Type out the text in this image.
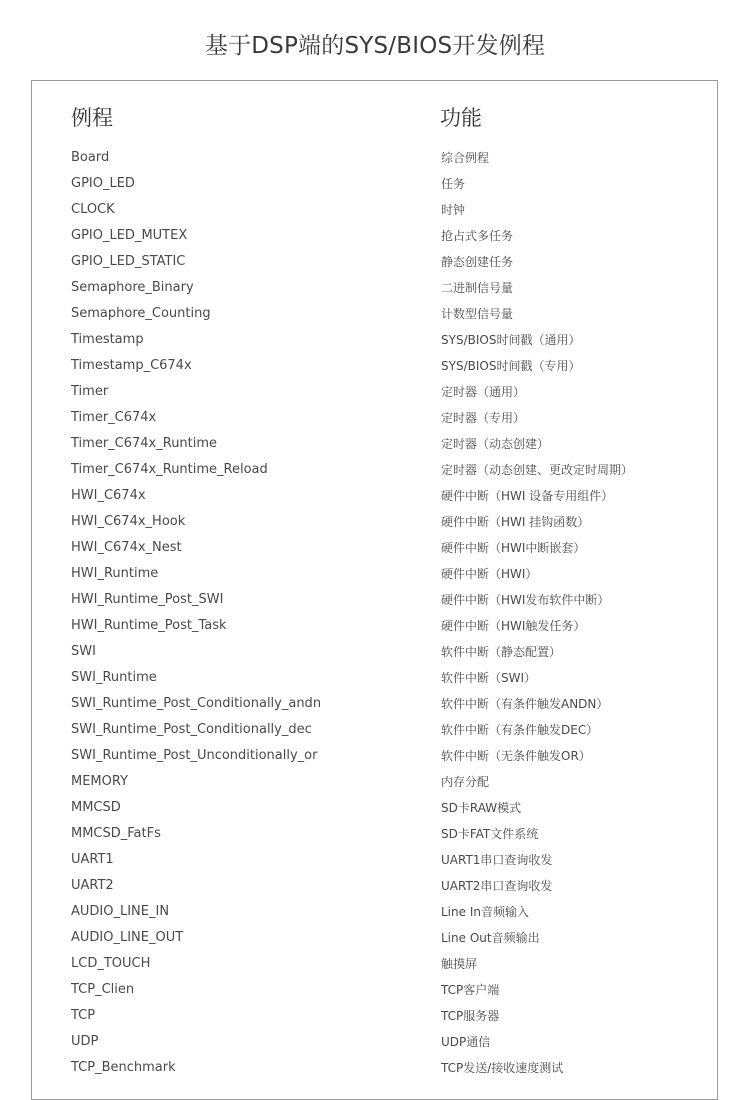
基于DSP端的SYS/BIOS开发例程
例程	功能
Board	综合例程
GPIO_LED	任务
CLOCK	时钟
GPIO_LED_MUTEX	抢占式多任务
GPIO_LED_STATIC	静态创建任务
Semaphore_Binary	二进制信号量
Semaphore_Counting	计数型信号量
Timestamp	SYS/BIOS时间戳（通用）
Timestamp_C674x	SYS/BIOS时间戳（专用）
Timer	定时器（通用）
Timer_C674x	定时器（专用）
Timer_C674x_Runtime	定时器（动态创建）
Timer_C674x_Runtime_Reload	定时器（动态创建、更改定时周期）
HWI_C674x	硬件中断（HWI 设备专用组件）
HWI_C674x_Hook	硬件中断（HWI 挂钩函数）
HWI_C674x_Nest	硬件中断（HWI中断嵌套）
HWI_Runtime	硬件中断（HWI）
HWI_Runtime_Post_SWI	硬件中断（HWI发布软件中断）
HWI_Runtime_Post_Task	硬件中断（HWI触发任务）
SWI	软件中断（静态配置）
SWI_Runtime	软件中断（SWI）
SWI_Runtime_Post_Conditionally_andn	软件中断（有条件触发ANDN）
SWI_Runtime_Post_Conditionally_dec	软件中断（有条件触发DEC）
SWI_Runtime_Post_Unconditionally_or	软件中断（无条件触发OR）
MEMORY	内存分配
MMCSD	SD卡RAW模式
MMCSD_FatFs	SD卡FAT文件系统
UART1	UART1串口查询收发
UART2	UART2串口查询收发
AUDIO_LINE_IN	Line In音频输入
AUDIO_LINE_OUT	Line Out音频输出
LCD_TOUCH	触摸屏
TCP_Clien	TCP客户端
TCP	TCP服务器
UDP	UDP通信
TCP_Benchmark	TCP发送/接收速度测试
